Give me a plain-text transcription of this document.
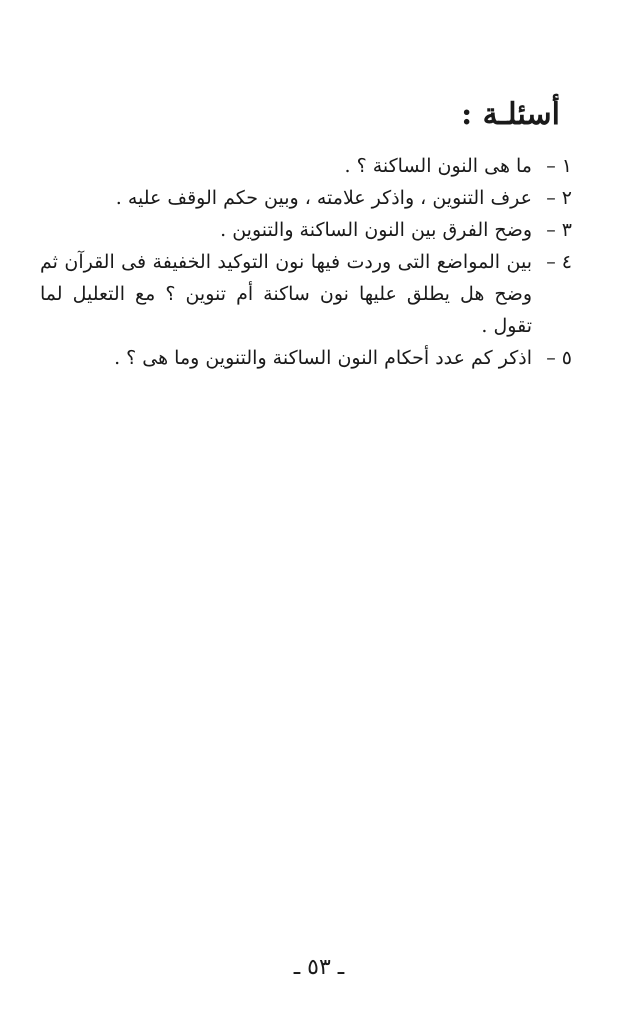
أسئلـة :
١ –
ما هى النون الساكنة ؟ .
٢ –
عرف التنوين ، واذكر علامته ، وبين حكم الوقف عليه .
٣ –
وضح الفرق بين النون الساكنة والتنوين .
٤ –
بين المواضع التى وردت فيها نون التوكيد الخفيفة فى القرآن ثم وضح هل يطلق عليها نون ساكنة أم تنوين ؟ مع التعليل لما تقول .
٥ –
اذكر كم عدد أحكام النون الساكنة والتنوين وما هى ؟ .
ـ ٥٣ ـ
